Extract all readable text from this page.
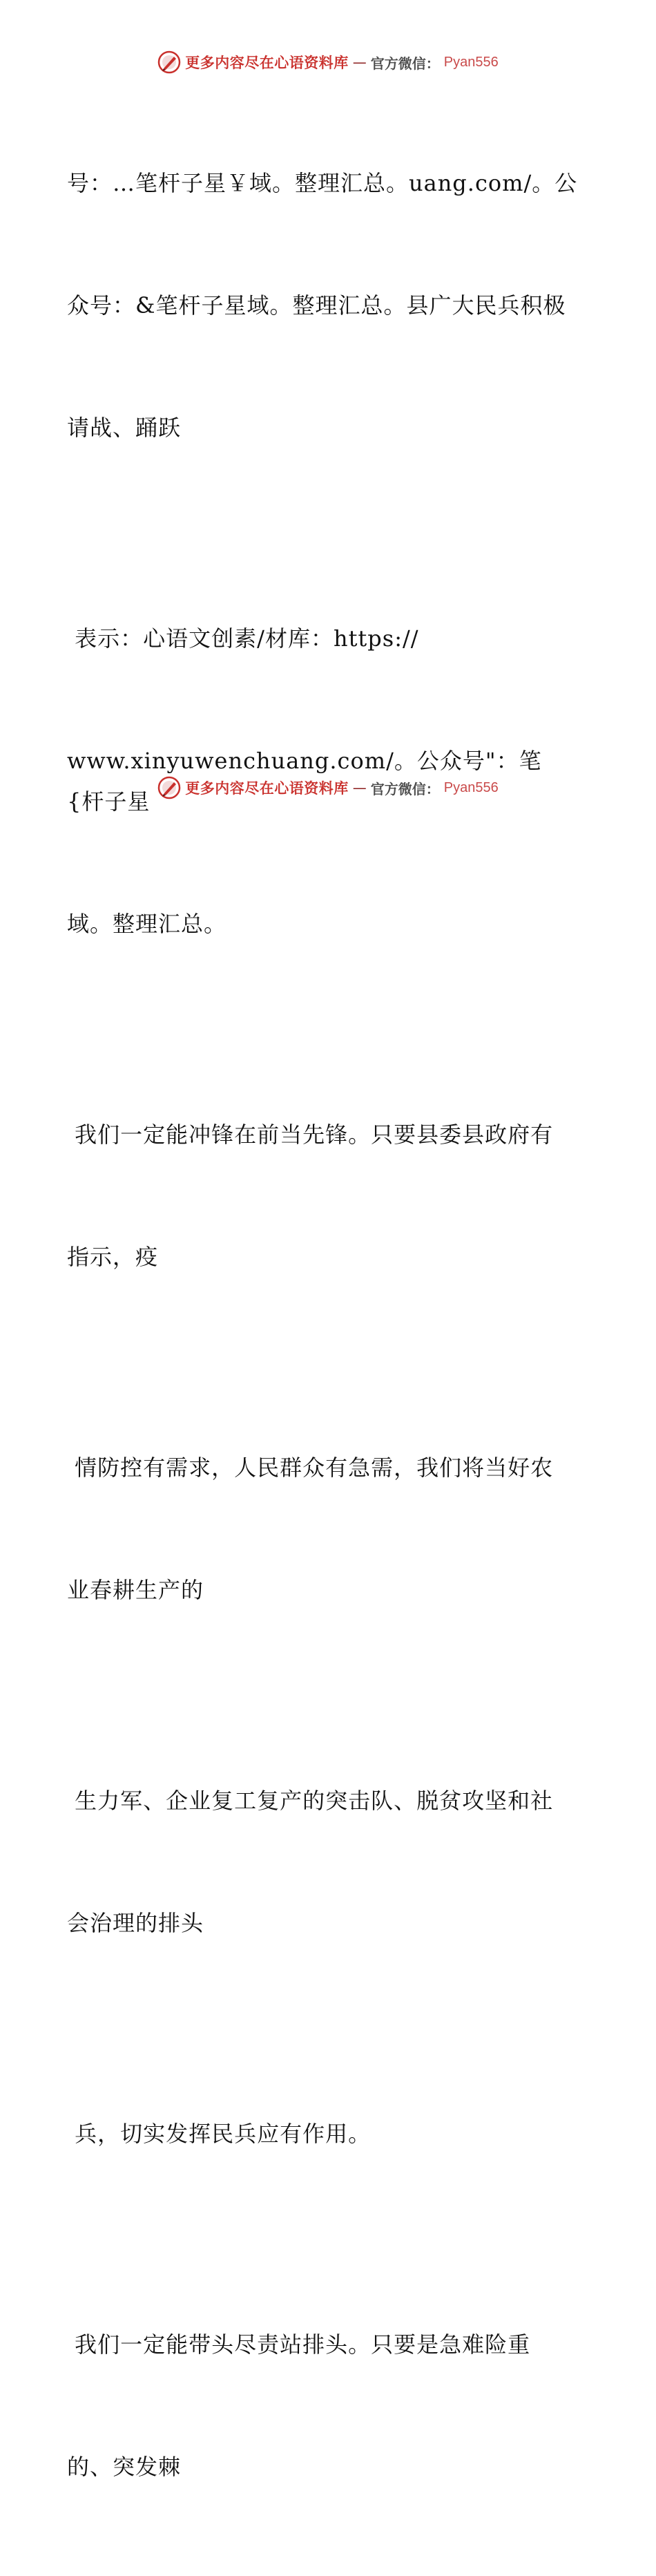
更多内容尽在心语资料库 — 官方微信： Pyan556

号：…笔杆子星￥域。整理汇总。uang.com/。公

众号：&笔杆子星域。整理汇总。县广大民兵积极

请战、踊跃

表示：心语文创素/材库：https://

www.xinyuwenchuang.com/。公众号"：笔{杆子星

域。整理汇总。

我们一定能冲锋在前当先锋。只要县委县政府有

指示，疫

情防控有需求，人民群众有急需，我们将当好农

业春耕生产的

生力军、企业复工复产的突击队、脱贫攻坚和社

会治理的排头

兵，切实发挥民兵应有作用。

我们一定能带头尽责站排头。只要是急难险重

的、突发棘

更多内容尽在心语资料库 — 官方微信： Pyan556
